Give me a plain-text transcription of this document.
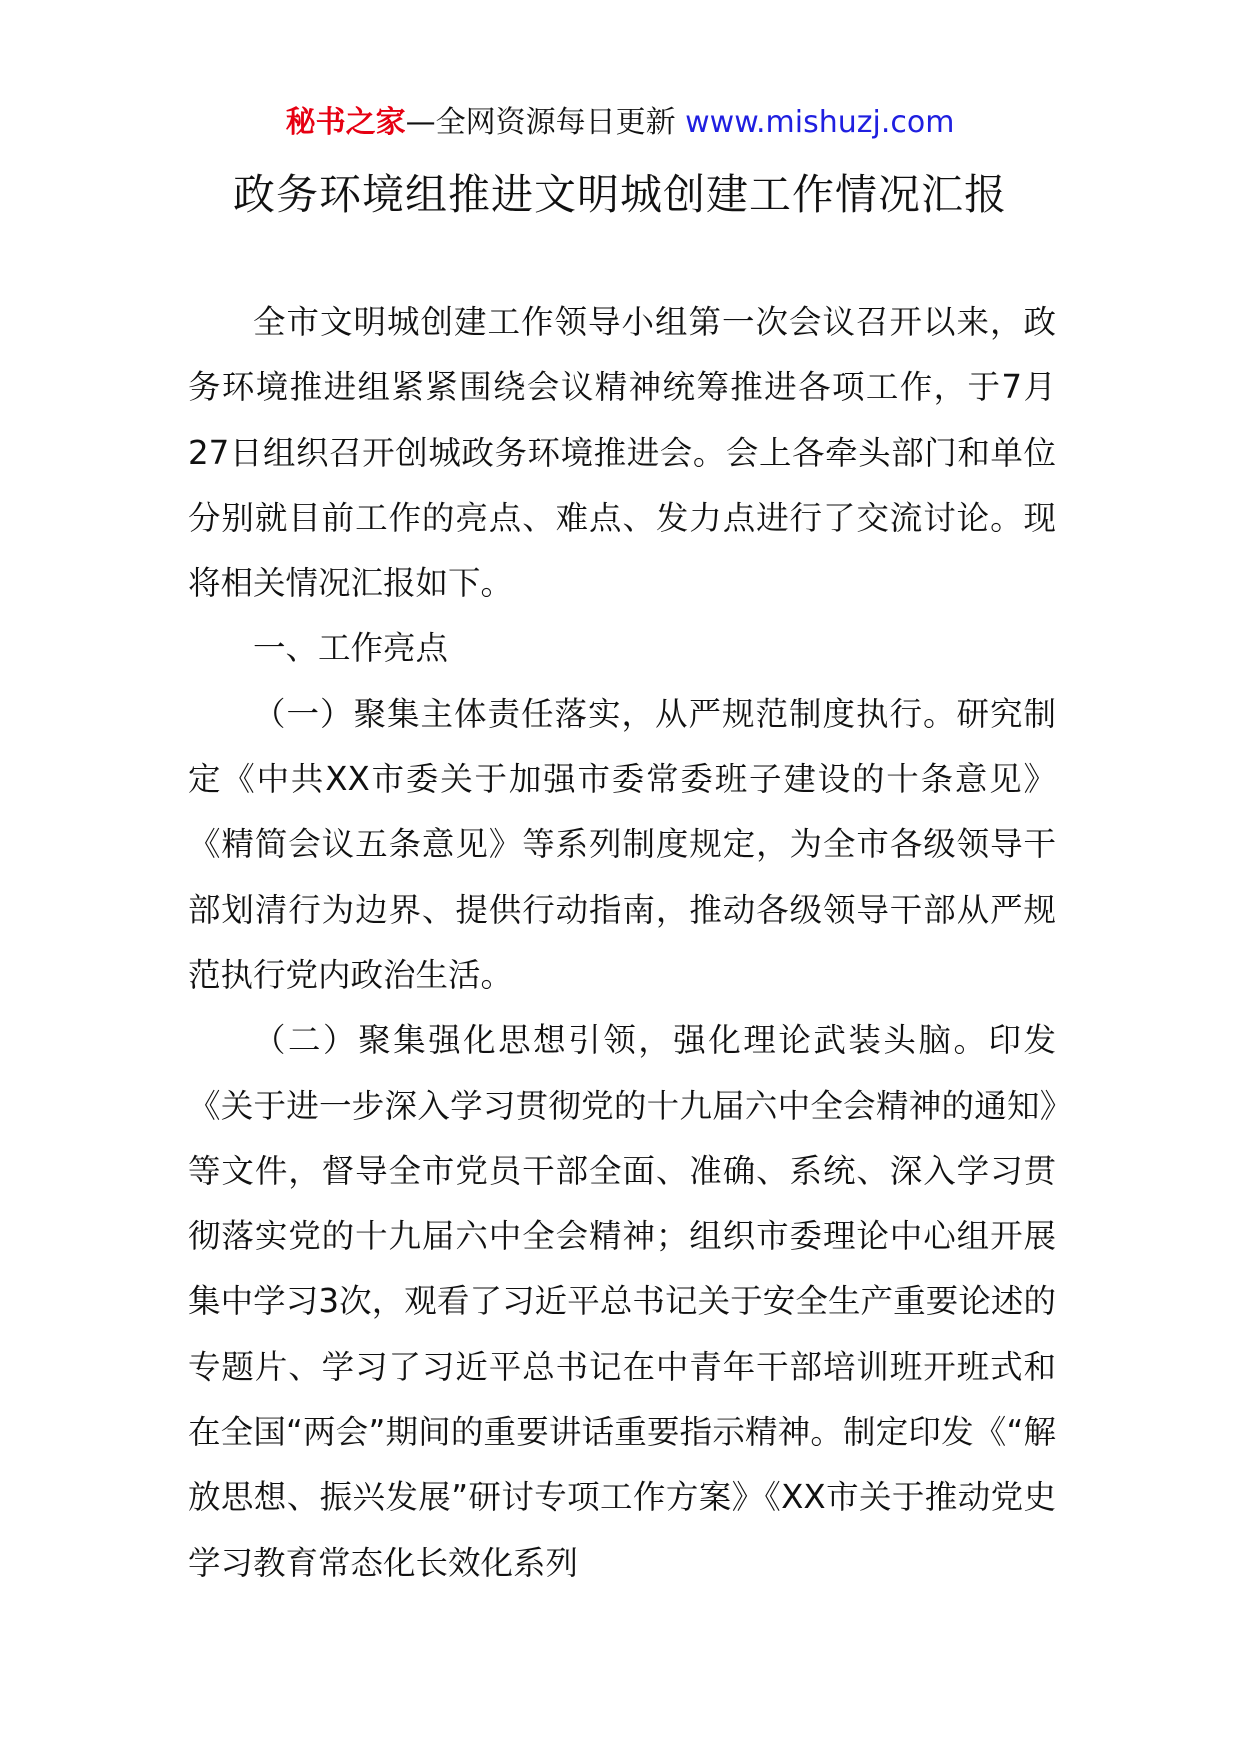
秘书之家—全网资源每日更新 www.mishuzj.com
政务环境组推进文明城创建工作情况汇报

全市文明城创建工作领导小组第一次会议召开以来，政务环境推进组紧紧围绕会议精神统筹推进各项工作，于7月27日组织召开创城政务环境推进会。会上各牵头部门和单位分别就目前工作的亮点、难点、发力点进行了交流讨论。现将相关情况汇报如下。

一、工作亮点

（一）聚集主体责任落实，从严规范制度执行。研究制定《中共XX市委关于加强市委常委班子建设的十条意见》《精简会议五条意见》等系列制度规定，为全市各级领导干部划清行为边界、提供行动指南，推动各级领导干部从严规范执行党内政治生活。

（二）聚集强化思想引领，强化理论武装头脑。印发《关于进一步深入学习贯彻党的十九届六中全会精神的通知》等文件，督导全市党员干部全面、准确、系统、深入学习贯彻落实党的十九届六中全会精神；组织市委理论中心组开展集中学习3次，观看了习近平总书记关于安全生产重要论述的专题片、学习了习近平总书记在中青年干部培训班开班式和在全国“两会”期间的重要讲话重要指示精神。制定印发《“解放思想、振兴发展”研讨专项工作方案》《XX市关于推动党史学习教育常态化长效化系列
